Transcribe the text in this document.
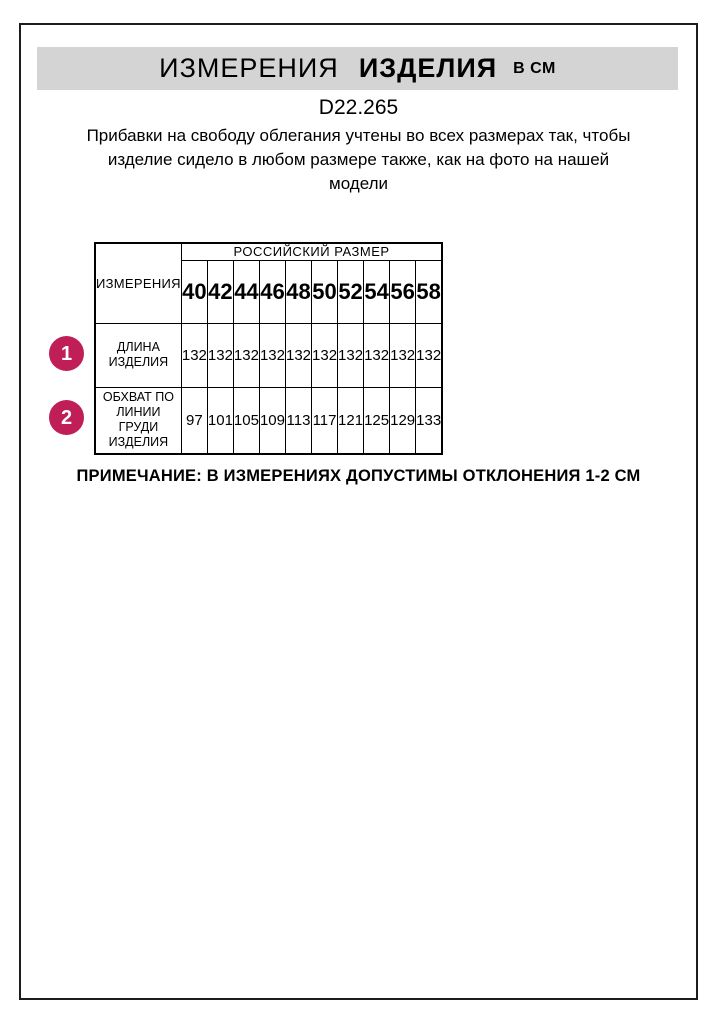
ИЗМЕРЕНИЯ ИЗДЕЛИЯ В СМ
D22.265

Прибавки на свободу облегания учтены во всех размерах так, чтобы изделие сидело в любом размере также, как на фото на нашей модели

1
2
ИЗМЕРЕНИЯ	РОССИЙСКИЙ РАЗМЕР									
	40	42	44	46	48	50	52	54	56	58
ДЛИНА ИЗДЕЛИЯ	132	132	132	132	132	132	132	132	132	132
ОБХВАТ ПО ЛИНИИ ГРУДИ ИЗДЕЛИЯ	97	101	105	109	113	117	121	125	129	133
ПРИМЕЧАНИЕ: В ИЗМЕРЕНИЯХ ДОПУСТИМЫ ОТКЛОНЕНИЯ 1-2 СМ
